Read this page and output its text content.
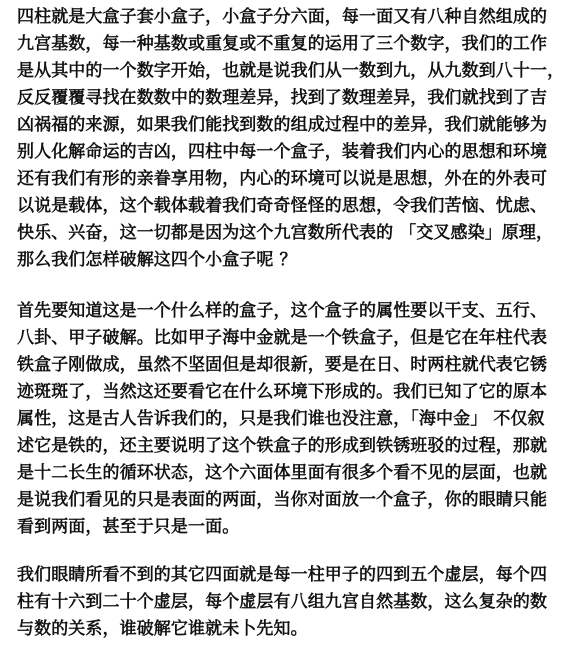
四柱就是大盒子套小盒子，小盒子分六面，每一面又有八种自然组成的
九宫基数，每一种基数或重复或不重复的运用了三个数字，我们的工作
是从其中的一个数字开始，也就是说我们从一数到九，从九数到八十一，
反反覆覆寻找在数数中的数理差异，找到了数理差异，我们就找到了吉
凶祸福的来源，如果我们能找到数的组成过程中的差异，我们就能够为
别人化解命运的吉凶，四柱中每一个盒子，装着我们内心的思想和环境
还有我们有形的亲眷享用物，内心的环境可以说是思想，外在的外表可
以说是载体，这个载体载着我们奇奇怪怪的思想，令我们苦恼、忧虑、
快乐、兴奋，这一切都是因为这个九宫数所代表的 「交叉感染」原理，
那么我们怎样破解这四个小盒子呢 ？
首先要知道这是一个什么样的盒子，这个盒子的属性要以干支、五行、
八卦、甲子破解。比如甲子海中金就是一个铁盒子，但是它在年柱代表
铁盒子刚做成，虽然不坚固但是却很新，要是在日、时两柱就代表它锈
迹斑斑了，当然这还要看它在什么环境下形成的。我们已知了它的原本
属性，这是古人告诉我们的，只是我们谁也没注意，「海中金」 不仅叙
述它是铁的，还主要说明了这个铁盒子的形成到铁锈班驳的过程，那就
是十二长生的循环状态，这个六面体里面有很多个看不见的层面，也就
是说我们看见的只是表面的两面，当你对面放一个盒子，你的眼睛只能
看到两面，甚至于只是一面。
我们眼睛所看不到的其它四面就是每一柱甲子的四到五个虚层，每个四
柱有十六到二十个虚层，每个虚层有八组九宫自然基数，这么复杂的数
与数的关系，谁破解它谁就未卜先知。
